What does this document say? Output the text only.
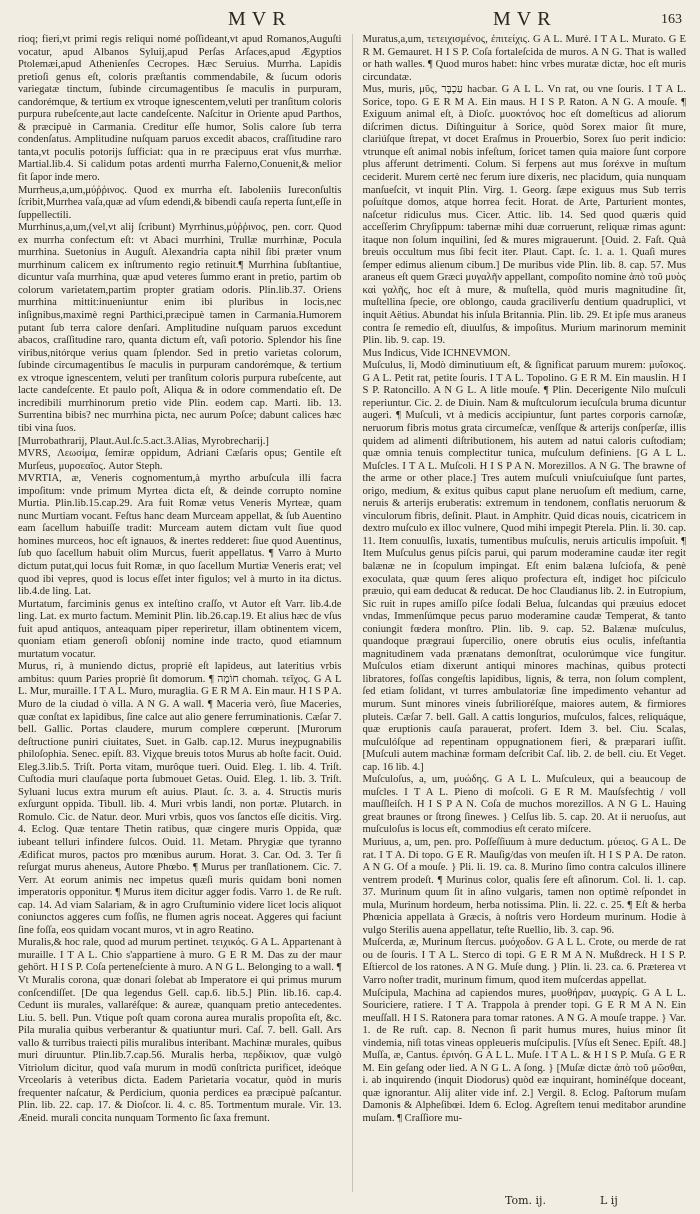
MVR	MVR	163

rioq; fieri,vt primi regis reliqui nomé poſſideant,vt apud Romanos,Auguſti vocatur, apud Albanos Syluij,apud Perſas Arſaces,apud Ægyptios Ptolemæi,apud Athenienſes Cecropes. Hæc Seruius. Murrha. Lapidis pretioſi genus eſt, coloris præſtantis commendabile, & ſucum odoris variegatæ tinctum, ſubinde circumagentibus ſe maculis in purpuram, candorémque, & tertium ex vtroque ignescentem,veluti per tranſitum coloris purpura rubeſcente,aut lacte candeſcente. Naſcitur in Oriente apud Parthos, & præcipuè in Carmania. Creditur eſſe humor, Solis calore ſub terra condenſatus. Amplitudine nuſquam paruos excedit abacos, craſſitudine raro tanta,vt poculis potorijs ſufficiat: qua in re præcipuus erat vſus murrhæ. Martial.lib.4. Si calidum potas ardenti murrha Falerno,Conuenit,& melior fit ſapor inde mero.

Murrheus,a,um,μύῤῥινοϛ. Quod ex murrha eſt. Iaboleniis Iureconſultis ſcribit,Murrhea vaſa,quæ ad vſum edendi,& bibendi cauſa reperta ſunt,eſſe in ſuppellectili.

Murrhinus,a,um,(vel,vt alij ſcribunt) Myrrhinus,μύῤῥινοϛ, pen. corr. Quod ex murrha confectum eſt: vt Abaci murrhini, Trullæ murrhinæ, Pocula murrhina. Suetonius in Auguſt. Alexandria capta nihil ſibi præter vnum murrhinum calicem ex inſtrumento regio retinuit.¶ Murrhina ſubſtantiue, dicuntur vaſa murrhina, quæ apud veteres ſummo erant in pretio, partim ob colorum varietatem,partim propter gratiam odoris. Plin.lib.37. Oriens murrhina mittit:inueniuntur enim ibi pluribus in locis,nec inſignibus,maximè regni Parthici,præcipuè tamen in Carmania.Humorem putant ſub terra calore denſari. Amplitudine nuſquam paruos excedunt abacos, craſſitudine raro, quanta dictum eſt, vaſi potorio. Splendor his ſine viribus,nitórque verius quam ſplendor. Sed in pretio varietas colorum, ſubinde circumagentibus ſe maculis in purpuram candorémque, & tertium ex vtroque ignescentem, veluti per tranſitum coloris purpura rubeſcente, aut lacte candeſcente. Et paulo poſt, Aliqua & in odore commendatio eſt. De incredibili murrhinorum pretio vide Plin. eodem cap. Marti. lib. 13. Surrentina bibis? nec murrhina picta, nec aurum Poſce; dabunt calices hæc tibi vina ſuos.

[Murrobathrarij, Plaut.Aul.ſc.5.act.3.Alias, Myrobrecharij.]

MVRS, Λεωσίμα, ſemiræ oppidum, Adriani Cæſaris opus; Gentile eſt Murſeus, μυρσεαῖοϛ. Autor Steph.

MVRTIA, æ, Veneris cognomentum,à myrtho arbuſcula illi facra impoſitum: vnde primum Myrtea dicta eſt, & deinde corrupto nomine Murtia. Plin.lib.15.cap.29. Ara fuit Romæ vetus Veneris Myrteæ, quam nunc Murtiam vocant. Feſtus hanc deam Murceam appellat, & ſub Auentino eam ſacellum habuiſſe tradit: Murceam autem dictam vult ſiue quod homines murceos, hoc eſt ignauos, & inertes redderet: ſiue quod Auentinus, ſub quo ſacellum habuit olim Murcus, fuerit appellatus. ¶ Varro à Murto dictum putat,qui locus fuit Romæ, in quo ſacellum Murtiæ Veneris erat; vel quod ibi vepres, quod is locus eſſet inter figulos; vel à murto in ita dictus. lib.4.de ling. Lat.

Murtatum, farciminis genus ex inteſtino craſſo, vt Autor eſt Varr. lib.4.de ling. Lat. ex murto factum. Meminit Plin. lib.26.cap.19. Et alius hæc de vſus fuit apud antiquos, anteaquam piper reperiretur, illam obtinentem vicem, quoniam etiam generoſi obſonij nomine inde tracto, quod etiamnum murtatum vocatur.

Murus, ri, à muniendo dictus, propriè eſt lapideus, aut lateritius vrbis ambitus: quum Paries propriè ſit domorum. ¶ חוֹמָה chomah. τεῖχοϛ. G A L L. Mur, muraille. I T A L. Muro, muraglia. G E R M A. Ein maur. H I S P A. Muro de la ciudad ò villa. A N G. A wall. ¶ Maceria verò, ſiue Maceries, quæ conſtat ex lapidibus, ſine calce aut alio genere ferruminationis. Cæſar 7. bell. Gallic. Portas claudere, murum complere cœperunt. [Murorum deſtructione puniri ciuitates, Suet. in Galb. cap.12. Murus ineχpugnabilis philoſophia. Senec. epiſt. 83. Viχque breuis totos Murus ab hoſte facit. Ouid. Eleg.3.lib.5. Triſt. Porta vitam, murôque tueri. Ouid. Eleg. 1. lib. 4. Triſt. Cuſtodia muri clauſaque porta ſubmouet Getas. Ouid. Eleg. 1. lib. 3. Triſt. Syluani lucus extra murum eſt auius. Plaut. ſc. 3. a. 4. Structis muris exſurgunt oppida. Tibull. lib. 4. Muri vrbis landi, non portæ. Plutarch. in Romulo. Cic. de Natur. deor. Muri vrbis, quos vos ſanctos eſſe dicitis. Virg. 4. Eclog. Quæ tentare Thetin ratibus, quæ cingere muris Oppida, quæ iubeant telluri infindere ſulcos. Ouid. 11. Metam. Phrygiæ que tyranno Ædificat muros, pactos pro mœnibus aurum. Horat. 3. Car. Od. 3. Ter ſi reſurgat murus aheneus, Autore Phœbo. ¶ Murus per tranſlationem. Cic. 7. Verr. At eorum animis nec impetus quæſi muris quidam boni nomen imperatoris opponitur. ¶ Murus item dicitur agger fodis. Varro 1. de Re ruſt. cap. 14. Ad viam Salariam, & in agro Cruſtuminio videre licet locis aliquot coniunctos aggeres cum foſſis, ne flumen agris noceat. Aggeres qui faciunt ſine foſſa, eos quidam vocant muros, vt in agro Reatino.

Muralis,& hoc rale, quod ad murum pertinet. τειχικόϛ. G A L. Appartenant à muraille. I T A L. Chio s'appartiene à muro. G E R M. Das zu der maur gehört. H I S P. Coſa perteneſciente à muro. A N G L. Belonging to a wall. ¶ Vt Muralis corona, quæ donari ſolebat ab Imperatore ei qui primus murum conſcendiſſet. [De qua legendus Gell. cap.6. lib.5.] Plin. lib.16. cap.4. Cedunt iis murales, vallaréſque: & aureæ, quanquam pretio antecedentes. Liu. 5. bell. Pun. Vtique poſt quam corona aurea muralis propoſita eſt, &c. Pila muralia quibus verberantur & quatiuntur muri. Caſ. 7. bell. Gall. Ars vallo & turribus traiecti pilis muralibus interibant. Machinæ murales, quibus muri diruuntur. Plin.lib.7.cap.56. Muralis herba, περδίκιον, quæ vulgò Vitriolum dicitur, quod vaſa murum in modū conſtricta purificet, ideóque Vrceolaris à veteribus dicta. Eadem Parietaria vocatur, quòd in muris frequenter naſcatur, & Perdicium, quonia perdices ea præcipuè paſcantur. Plin. lib. 22. cap. 17. & Dioſcor. li. 4. c. 85. Tortmentum murale. Vir. 13. Æneid. murali concita nunquam Tormento ſic ſaxa fremunt.

Muratus,a,um, τετειχισμένοϛ, ἐπιτείχιϛ. G A L. Muré. I T A L. Murato. G E R M. Gemauret. H I S P. Coſa fortaleſcida de muros. A N G. That is walled or hath walles. ¶ Quod muros habet: hinc vrbes muratæ dictæ, hoc eſt muris circundatæ.

Mus, muris, μῦϛ, עַכְבָּר hacbar. G A L L. Vn rat, ou vne ſouris. I T A L. Sorice, topo. G E R M A. Ein maus. H I S P. Raton. A N G. A mouſe. ¶ Exiguum animal eſt, à Dioſc. μυοκτόνοϛ hoc eſt domeſticus ad aliorum diſcrimen dictus. Diſtinguitur à Sorice, quòd Sorex maior ſit mure, clariúſque ſtrepat, vt docet Eraſmus in Prouerbio, Sorex ſuo perit indicio: vtrunque eſt animal nobis infeſtum, ſoricet tamen quia maiore ſunt corpore plus afferunt detrimenti. Colum. Si ferpens aut mus ſoréxve in muſtum ceciderit. Murem certè nec ferum iure dixeris, nec placidum, quia nunquam manſueſcit, vt inquit Plin. Virg. 1. Georg. ſæpe exiguus mus Sub terris poſuítque domos, atque horrea fecit. Horat. de Arte, Parturient montes, naſcetur ridiculus mus. Cicer. Attic. lib. 14. Sed quod quæris quid acceſſerim Chryſippum: tabernæ mihi duæ corruerunt, reliquæ rimas agunt: itaque non ſolum inquilini, ſed & mures migrauerunt. [Ouid. 2. Faſt. Quà breuis occultum mus ſibi fecit iter. Plaut. Capt. ſc. 1. a. 1. Quaſi mures ſemper edimus alienum cibum.] De muribus vide Plin. lib. 8. cap. 57. Mus araneus eſt quem Græci μυγαλῆν appellant, compoſito nomine ἀπὸ τοῦ μυὸϛ καὶ γαλῆϛ, hoc eſt à mure, & muſtella, quòd muris magnitudine ſit, muſtellina ſpecie, ore oblongo, cauda graciliverſu dentium quadruplici, vt inquit Aëtius. Abundat his inſula Britannia. Plin. lib. 29. Et ipſe mus araneus contra ſe remedio eſt, diuulſus, & impoſitus. Murium marinorum meminit Plin. lib. 9. cap. 19.

Mus Indicus, Vide ICHNEVMON.

Muſculus, li, Modò diminutiuum eſt, & ſignificat paruum murem: μυΐσκοϛ. G A L. Petit rat, petite ſouris. I T A L. Topolino. G E R M. Ein mauslin. H I S P. Ratoncillo. A N G L. A litle mouſe. ¶ Plin. Decerigente Nilo muſculi reperiuntur. Cic. 2. de Diuin. Nam & muſtculorum iecuſcula bruma dicuntur augeri. ¶ Muſculi, vt à medicis accipiuntur, ſunt partes corporis carnoſæ, neruorum fibris motus grata circumeſcæ, venſſque & arterijs conſperſæ, illis quidem ad alimenti diſtributionem, his autem ad natui caloris cuſtodiam; quæ omnia tenuis complectitur tunica, muſculum definiens. [G A L L. Muſcles. I T A L. Muſcoli. H I S P A N. Morezillos. A N G. The brawne of the arme or other place.] Tres autem muſculi vniuſcuiuſque ſunt partes, origo, medium, & exitus quibus caput plane neruoſum eſt medium, carne, neruis & arterijs eruberatis: extremum in tendonem, conflatis neruorum & vinculorum fibris, deſinit. Plaut. in Amphitr. Quid dicas nouis, cicatricem in dextro muſculo ex illoc vulnere, Quod mihi impegit Pterela. Plin. li. 30. cap. 11. Item conuulſis, luxatis, tumentibus muſculis, neruis articulis impoſuit. ¶ Item Muſculus genus piſcis parui, qui parum moderamine caudæ iter regit balænæ ne in ſcopulum impingat. Eſt enim balæna luſciofa, & penè exoculata, quæ quum ſeres aliquo profectura eſt, indiget hoc piſciculo præuio, qui eam deducat & reducat. De hoc Claudianus lib. 2. in Eutropium, Sic ruit in rupes amiſſo piſce ſodali Belua, ſulcandas qui præuius edocet vndas, Immenſúmque pecus paruo moderamine caudæ Temperat, & tanto coniungit fœdera monſtro. Plin. lib. 9. cap. 52. Balænæ muſculus, quandoque prægraui ſupercilio, onere obrutis eius oculis, infeſtantia magnitudinem vada prænatans demonſtrat, oculorúmque vice fungitur. Muſculos etiam dixerunt antiqui minores machinas, quibus protecti libratores, foſſas congeſtis lapidibus, lignis, & terra, non ſolum complent, ſed etiam ſolidant, vt turres ambulatoriæ ſine impedimento vehantur ad murum. Sunt minores vineis ſubrilioréſque, maiores autem, & firmiores pluteis. Cæſar 7. bell. Gall. A cattis longurios, muſculos, falces, reliquáque, quæ eruptionis cauſa parauerat, profert. Idem 3. bel. Ciu. Scalas, muſculóſque ad repentinam oppugnationem fieri, & præparari iuſſit. [Muſculi autem machinæ formam deſcribit Caſ. lib. 2. de bell. ciu. Et Veget. cap. 16 lib. 4.]

Muſculoſus, a, um, μυώδηϛ. G A L L. Muſculeux, qui a beaucoup de muſcles. I T A L. Pieno di moſcoli. G E R M. Mauſsfechtig / voll mauſſleiſch. H I S P A N. Coſa de muchos morezillos. A N G L. Hauing great braunes or ſtrong ſinewes. } Celſus lib. 5. cap. 20. At ii neruoſus, aut muſculoſus is locus eſt, commodius eſt cerato miſcere.

Muriuus, a, um, pen. pro. Poſſeſſiuum à mure deductum. μύειοϛ. G A L. De rat. I T A. Di topo. G E R. Mauſig/das von meuſen iſt. H I S P A. De raton. A N G. Of a mouſe. } Pli. li. 19. ca. 8. Murino ſimo contra calculos illinere ventrem prodeſt. ¶ Murinus color, qualis ſere eſt aſinorum. Col. li. 1. cap. 37. Murinum quum ſit in aſino vulgaris, tamen non optimè reſpondet in mula, Murinum hordeum, herba notissima. Plin. li. 22. c. 25. ¶ Eſt & herba Phœnicia appellata à Græcis, à noſtris vero Hordeum murinum. Hodie à vulgo Sterilis auena appellatur, teſte Ruellio, lib. 3. cap. 96.

Muſcerda, æ, Murinum ſtercus. μυόχοδον. G A L L. Crote, ou merde de rat ou de ſouris. I T A L. Sterco di topi. G E R M A N. Mußdreck. H I S P. Eſtiercol de los ratones. A N G. Muſe dung. } Plin. li. 23. ca. 6. Præterea vt Varro noſter tradit, murinum fimum, quod item muſcerdas appellat.

Muſcipula, Machina ad capiendos mures, μυοθήραν, μυαγρίϛ. G A L L. Souriciere, ratiere. I T A. Trappola à prender topi. G E R M A N. Ein meuſſall. H I S. Ratonera para tomar ratones. A N G. A mouſe trappe. } Var. 1. de Re ruſt. cap. 8. Necnon ſi parit humus mures, huius minor ſit vindemia, niſi totas vineas oppleueris muſcipulis. [Vſus eſt Senec. Epiſt. 48.]

Muſſa, æ, Cantus. ἐρινόη. G A L L. Muſe. I T A L. & H I S P. Muſa. G E R M. Ein geſang oder lied. A N G L. A ſong. } [Muſæ dictæ ἀπὸ τοῦ μῶσθαι, i. ab inquirendo (inquit Diodorus) quòd eæ inquirant, hominéſque doceant, quæ ignorantur. Alij aliter vide inf. 2.] Vergil. 8. Eclog. Paſtorum muſam Damonis & Alpheſibœi. Idem 6. Eclog. Agreſtem tenui meditabor arundine muſam. ¶ Craſſiore mu-

Tom. ij.	L ij
